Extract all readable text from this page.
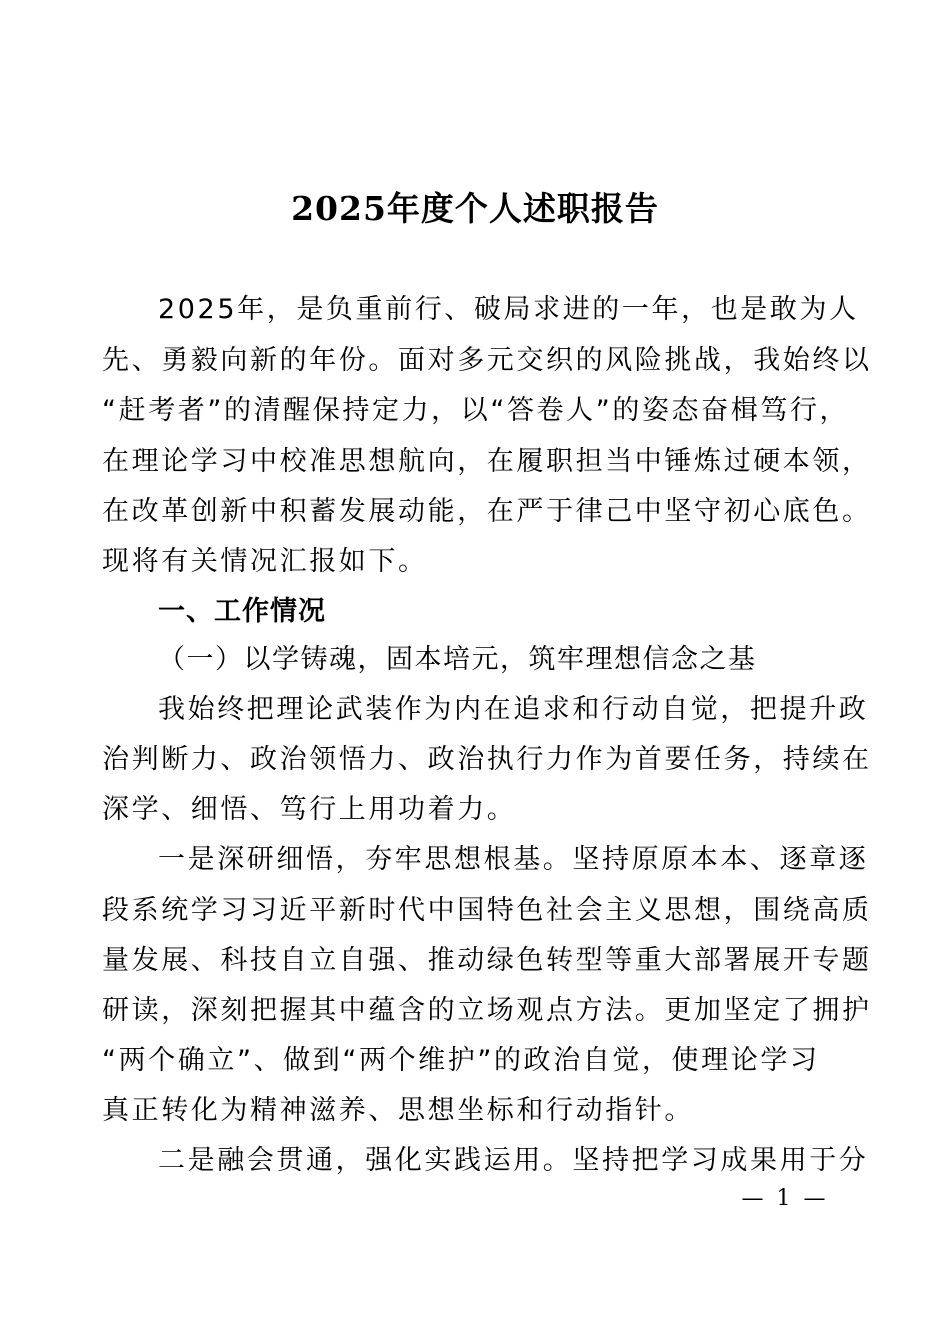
2025年度个人述职报告
2025年，是负重前行、破局求进的一年，也是敢为人
先、勇毅向新的年份。面对多元交织的风险挑战，我始终以
“赶考者”的清醒保持定力，以“答卷人”的姿态奋楫笃行，
在理论学习中校准思想航向，在履职担当中锤炼过硬本领，
在改革创新中积蓄发展动能，在严于律己中坚守初心底色。
现将有关情况汇报如下。
一、工作情况
（一）以学铸魂，固本培元，筑牢理想信念之基
我始终把理论武装作为内在追求和行动自觉，把提升政
治判断力、政治领悟力、政治执行力作为首要任务，持续在
深学、细悟、笃行上用功着力。
一是深研细悟，夯牢思想根基。坚持原原本本、逐章逐
段系统学习习近平新时代中国特色社会主义思想，围绕高质
量发展、科技自立自强、推动绿色转型等重大部署展开专题
研读，深刻把握其中蕴含的立场观点方法。更加坚定了拥护
“两个确立”、做到“两个维护”的政治自觉，使理论学习
真正转化为精神滋养、思想坐标和行动指针。
二是融会贯通，强化实践运用。坚持把学习成果用于分
— 1 —
